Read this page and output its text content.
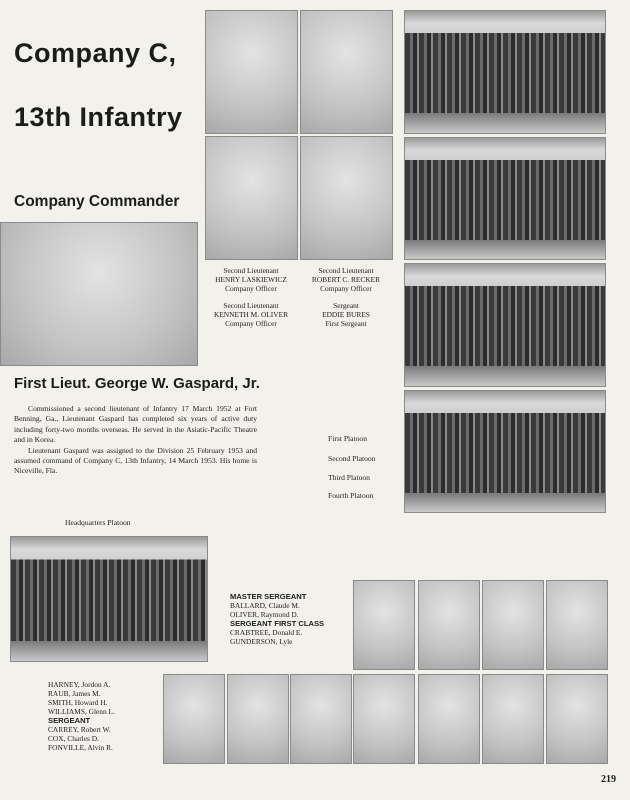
Company C,
13th Infantry
Company Commander
First Lieut. George W. Gaspard, Jr.

Commissioned a second lieutenant of Infantry 17 March 1952 at Fort Benning, Ga., Lieutenant Gaspard has completed six years of active duty including forty-two months overseas. He served in the Asiatic-Pacific Theatre and in Korea.

Lieutenant Gaspard was assigned to the Division 25 February 1953 and assumed command of Company C, 13th Infantry, 14 March 1953. His home is Niceville, Fla.

Second Lieutenant
HENRY LASKIEWICZ
Company Officer
Second Lieutenant
ROBERT C. RECKER
Company Officer
Second Lieutenant
KENNETH M. OLIVER
Company Officer
Sergeant
EDDIE BURES
First Sergeant
First Platoon
Second Platoon
Third Platoon
Fourth Platoon
Headquarters Platoon
MASTER SERGEANT
BALLARD, Claude M.
OLIVER, Raymond D.
SERGEANT FIRST CLASS
CRABTREE, Donald E.
GUNDERSON, Lyle
HARNEY, Jordon A.
RAUB, James M.
SMITH, Howard H.
WILLIAMS, Glenn L.
SERGEANT
CARREY, Robert W.
COX, Charles D.
FONVILLE, Alvin R.
219
